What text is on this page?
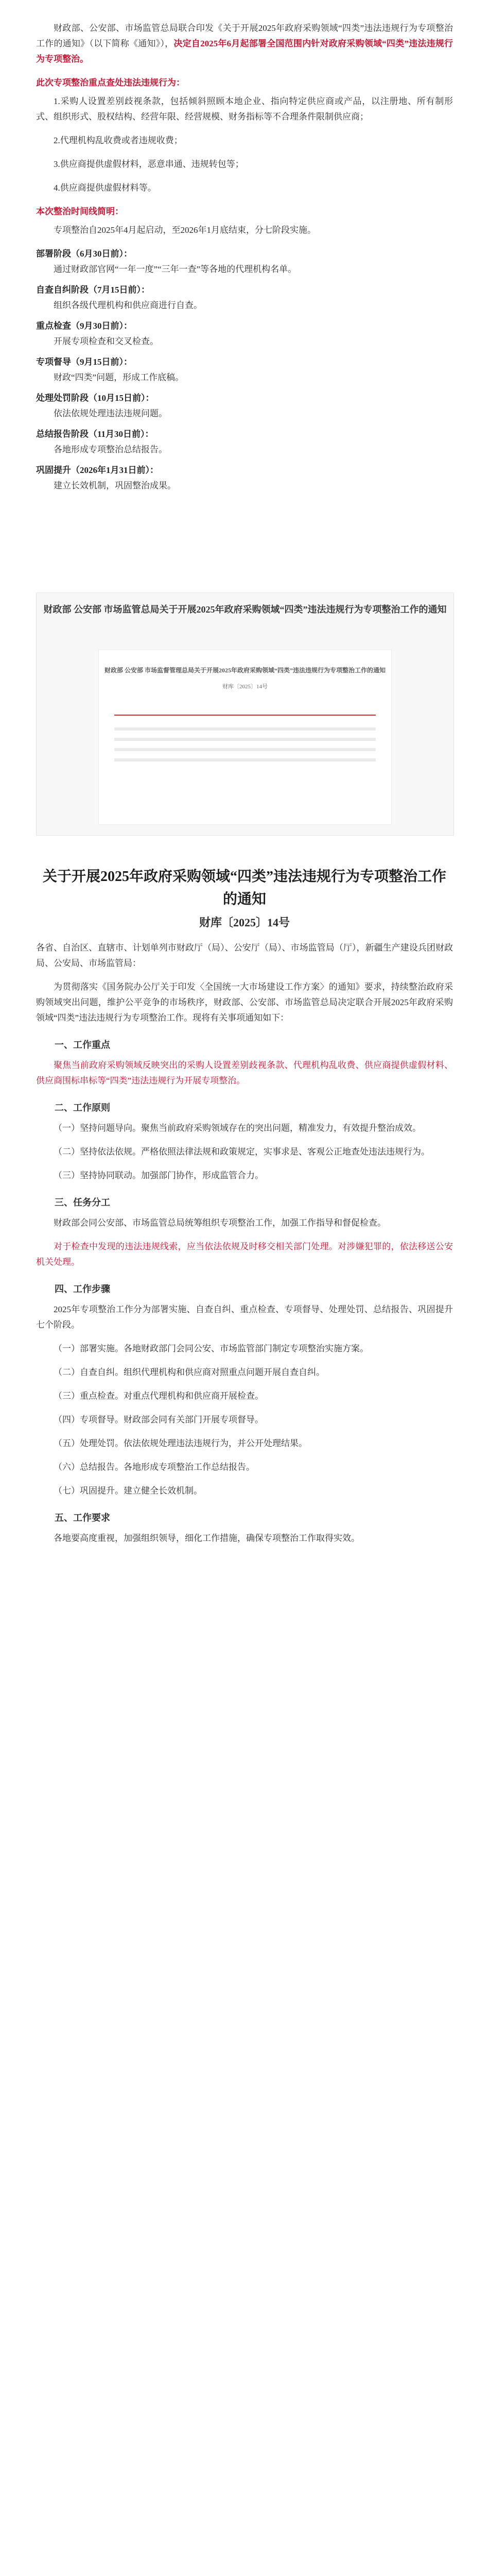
财政部、公安部、市场监管总局联合印发《关于开展2025年政府采购领域“四类”违法违规行为专项整治工作的通知》（以下简称《通知》），决定自2025年6月起部署全国范围内针对政府采购领域“四类”违法违规行为专项整治。

此次专项整治重点查处违法违规行为：

1.采购人设置差别歧视条款，包括倾斜照顾本地企业、指向特定供应商或产品，以注册地、所有制形式、组织形式、股权结构、经营年限、经营规模、财务指标等不合理条件限制供应商；

2.代理机构乱收费或者违规收费；

3.供应商提供虚假材料，恶意串通、违规转包等；

4.供应商提供虚假材料等。

本次整治时间线简明：

专项整治自2025年4月起启动，至2026年1月底结束，分七阶段实施。

部署阶段（6月30日前）：
通过财政部官网“一年一度”“三年一查”等各地的代理机构名单。
自查自纠阶段（7月15日前）：
组织各级代理机构和供应商进行自查。
重点检查（9月30日前）：
开展专项检查和交叉检查。
专项督导（9月15日前）：
财政“四类”问题，形成工作底稿。
处理处罚阶段（10月15日前）：
依法依规处理违法违规问题。
总结报告阶段（11月30日前）：
各地形成专项整治总结报告。
巩固提升（2026年1月31日前）：
建立长效机制，巩固整治成果。
财政部 公安部 市场监管总局关于开展2025年政府采购领域“四类”违法违规行为专项整治工作的通知
财政部 公安部 市场监督管理总局关于开展2025年政府采购领域“四类”违法违规行为专项整治工作的通知
财库〔2025〕14号
关于开展2025年政府采购领域“四类”违法违规行为专项整治工作的通知
财库〔2025〕14号

各省、自治区、直辖市、计划单列市财政厅（局）、公安厅（局）、市场监管局（厅），新疆生产建设兵团财政局、公安局、市场监管局：

为贯彻落实《国务院办公厅关于印发〈全国统一大市场建设工作方案〉的通知》要求，持续整治政府采购领域突出问题，维护公平竞争的市场秩序，财政部、公安部、市场监管总局决定联合开展2025年政府采购领域“四类”违法违规行为专项整治工作。现将有关事项通知如下：

一、工作重点

聚焦当前政府采购领域反映突出的采购人设置差别歧视条款、代理机构乱收费、供应商提供虚假材料、供应商围标串标等“四类”违法违规行为开展专项整治。

二、工作原则

（一）坚持问题导向。聚焦当前政府采购领域存在的突出问题，精准发力，有效提升整治成效。

（二）坚持依法依规。严格依照法律法规和政策规定，实事求是、客观公正地查处违法违规行为。

（三）坚持协同联动。加强部门协作，形成监管合力。

三、任务分工

财政部会同公安部、市场监管总局统筹组织专项整治工作，加强工作指导和督促检查。

对于检查中发现的违法违规线索，应当依法依规及时移交相关部门处理。对涉嫌犯罪的，依法移送公安机关处理。

四、工作步骤

2025年专项整治工作分为部署实施、自查自纠、重点检查、专项督导、处理处罚、总结报告、巩固提升七个阶段。

（一）部署实施。各地财政部门会同公安、市场监管部门制定专项整治实施方案。

（二）自查自纠。组织代理机构和供应商对照重点问题开展自查自纠。

（三）重点检查。对重点代理机构和供应商开展检查。

（四）专项督导。财政部会同有关部门开展专项督导。

（五）处理处罚。依法依规处理违法违规行为，并公开处理结果。

（六）总结报告。各地形成专项整治工作总结报告。

（七）巩固提升。建立健全长效机制。

五、工作要求

各地要高度重视，加强组织领导，细化工作措施，确保专项整治工作取得实效。
